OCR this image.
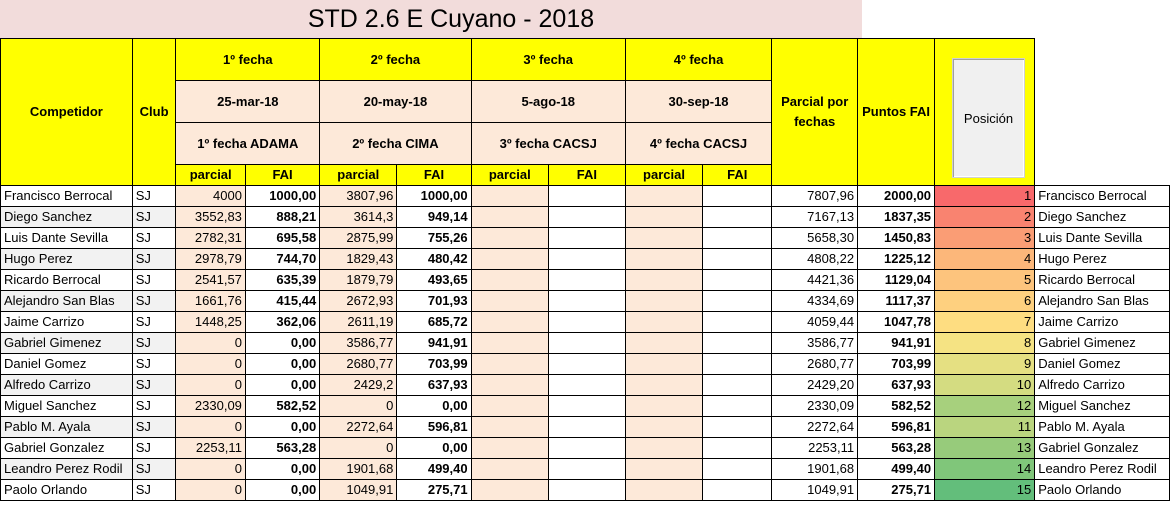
STD 2.6 E Cuyano - 2018
Competidor	Club	1º fecha		2º fecha		3º fecha		4º fecha		Parcial por fechas	Puntos FAI		
		25-mar-18		20-may-18		5-ago-18		30-sep-18					
		1º fecha ADAMA		2º fecha CIMA		3º fecha CACSJ		4º fecha CACSJ					
		parcial	FAI	parcial	FAI	parcial	FAI	parcial	FAI				
Francisco Berrocal	SJ	4000	1000,00	3807,96	1000,00					7807,96	2000,00	1	Francisco Berrocal
Diego Sanchez	SJ	3552,83	888,21	3614,3	949,14					7167,13	1837,35	2	Diego Sanchez
Luis Dante Sevilla	SJ	2782,31	695,58	2875,99	755,26					5658,30	1450,83	3	Luis Dante Sevilla
Hugo Perez	SJ	2978,79	744,70	1829,43	480,42					4808,22	1225,12	4	Hugo Perez
Ricardo Berrocal	SJ	2541,57	635,39	1879,79	493,65					4421,36	1129,04	5	Ricardo Berrocal
Alejandro San Blas	SJ	1661,76	415,44	2672,93	701,93					4334,69	1117,37	6	Alejandro San Blas
Jaime Carrizo	SJ	1448,25	362,06	2611,19	685,72					4059,44	1047,78	7	Jaime Carrizo
Gabriel Gimenez	SJ	0	0,00	3586,77	941,91					3586,77	941,91	8	Gabriel Gimenez
Daniel Gomez	SJ	0	0,00	2680,77	703,99					2680,77	703,99	9	Daniel Gomez
Alfredo Carrizo	SJ	0	0,00	2429,2	637,93					2429,20	637,93	10	Alfredo Carrizo
Miguel Sanchez	SJ	2330,09	582,52	0	0,00					2330,09	582,52	12	Miguel Sanchez
Pablo M. Ayala	SJ	0	0,00	2272,64	596,81					2272,64	596,81	11	Pablo M. Ayala
Gabriel Gonzalez	SJ	2253,11	563,28	0	0,00					2253,11	563,28	13	Gabriel Gonzalez
Leandro Perez Rodil	SJ	0	0,00	1901,68	499,40					1901,68	499,40	14	Leandro Perez Rodil
Paolo Orlando	SJ	0	0,00	1049,91	275,71					1049,91	275,71	15	Paolo Orlando
Posición
